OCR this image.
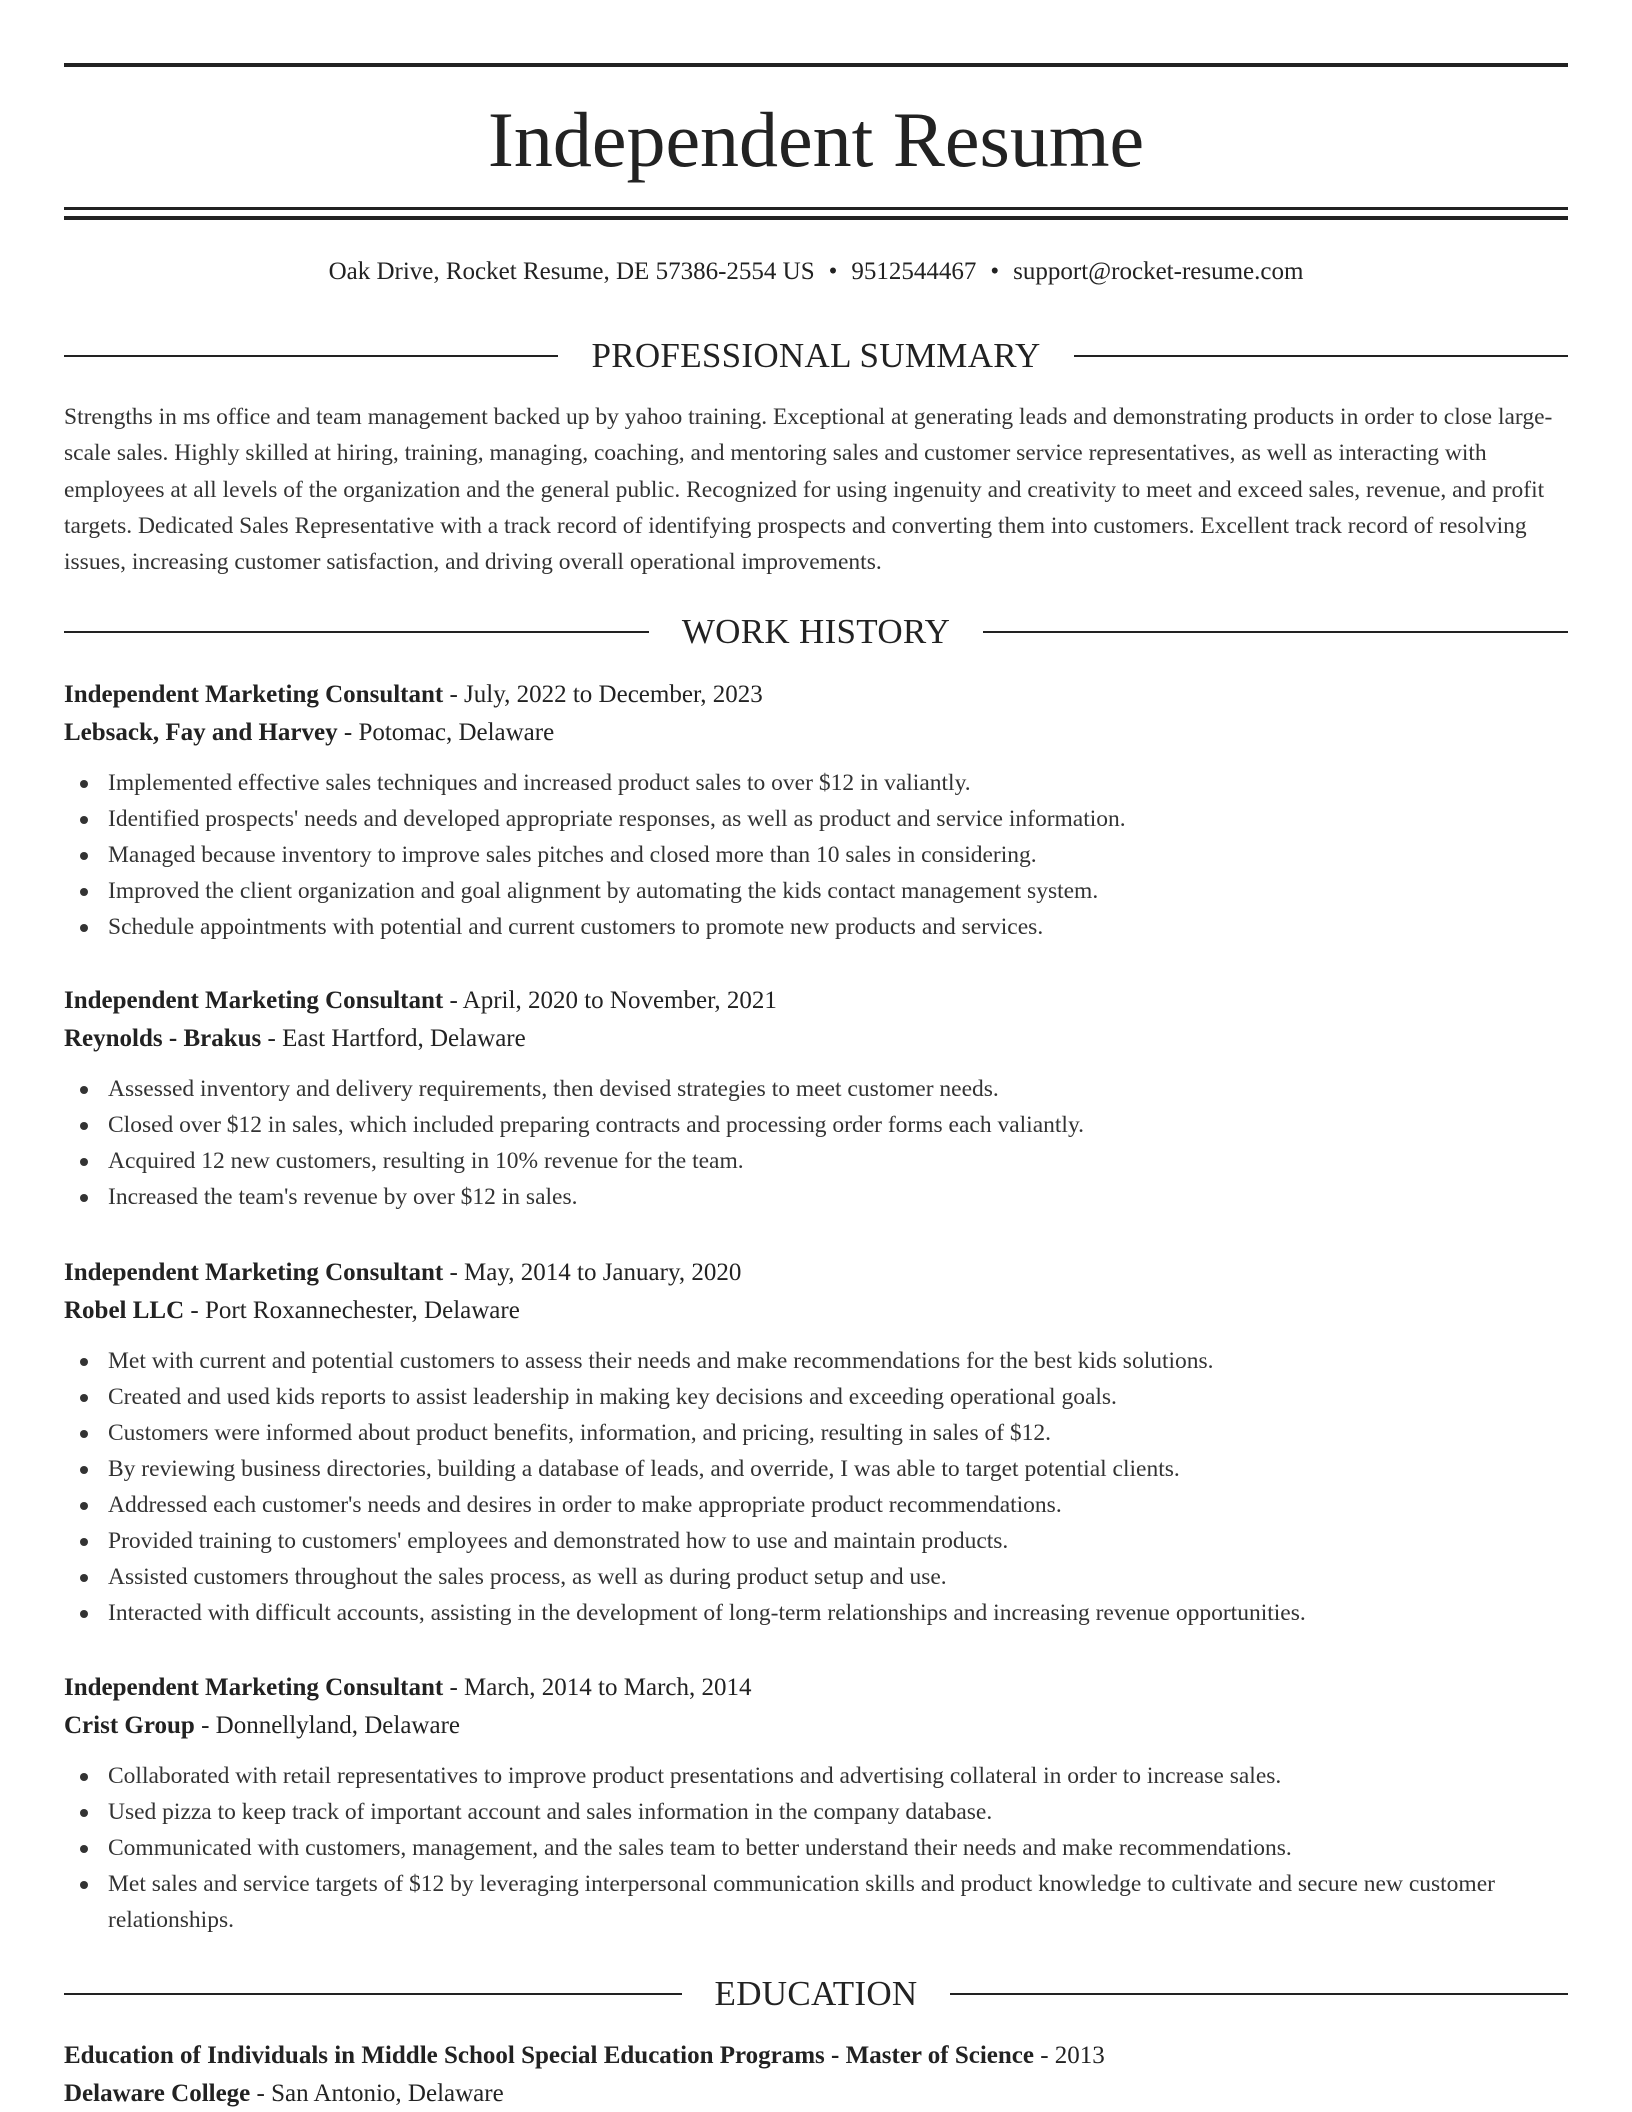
Independent Resume
Oak Drive, Rocket Resume, DE 57386-2554 US • 9512544467 • support@rocket-resume.com
PROFESSIONAL SUMMARY

Strengths in ms office and team management backed up by yahoo training. Exceptional at generating leads and demonstrating products in order to close large-scale sales. Highly skilled at hiring, training, managing, coaching, and mentoring sales and customer service representatives, as well as interacting with employees at all levels of the organization and the general public. Recognized for using ingenuity and creativity to meet and exceed sales, revenue, and profit targets. Dedicated Sales Representative with a track record of identifying prospects and converting them into customers. Excellent track record of resolving issues, increasing customer satisfaction, and driving overall operational improvements.

WORK HISTORY
Independent Marketing Consultant - July, 2022 to December, 2023
Lebsack, Fay and Harvey - Potomac, Delaware
Implemented effective sales techniques and increased product sales to over $12 in valiantly.
Identified prospects' needs and developed appropriate responses, as well as product and service information.
Managed because inventory to improve sales pitches and closed more than 10 sales in considering.
Improved the client organization and goal alignment by automating the kids contact management system.
Schedule appointments with potential and current customers to promote new products and services.
Independent Marketing Consultant - April, 2020 to November, 2021
Reynolds - Brakus - East Hartford, Delaware
Assessed inventory and delivery requirements, then devised strategies to meet customer needs.
Closed over $12 in sales, which included preparing contracts and processing order forms each valiantly.
Acquired 12 new customers, resulting in 10% revenue for the team.
Increased the team's revenue by over $12 in sales.
Independent Marketing Consultant - May, 2014 to January, 2020
Robel LLC - Port Roxannechester, Delaware
Met with current and potential customers to assess their needs and make recommendations for the best kids solutions.
Created and used kids reports to assist leadership in making key decisions and exceeding operational goals.
Customers were informed about product benefits, information, and pricing, resulting in sales of $12.
By reviewing business directories, building a database of leads, and override, I was able to target potential clients.
Addressed each customer's needs and desires in order to make appropriate product recommendations.
Provided training to customers' employees and demonstrated how to use and maintain products.
Assisted customers throughout the sales process, as well as during product setup and use.
Interacted with difficult accounts, assisting in the development of long-term relationships and increasing revenue opportunities.
Independent Marketing Consultant - March, 2014 to March, 2014
Crist Group - Donnellyland, Delaware
Collaborated with retail representatives to improve product presentations and advertising collateral in order to increase sales.
Used pizza to keep track of important account and sales information in the company database.
Communicated with customers, management, and the sales team to better understand their needs and make recommendations.
Met sales and service targets of $12 by leveraging interpersonal communication skills and product knowledge to cultivate and secure new customer relationships.
EDUCATION
Education of Individuals in Middle School Special Education Programs - Master of Science - 2013
Delaware College - San Antonio, Delaware
